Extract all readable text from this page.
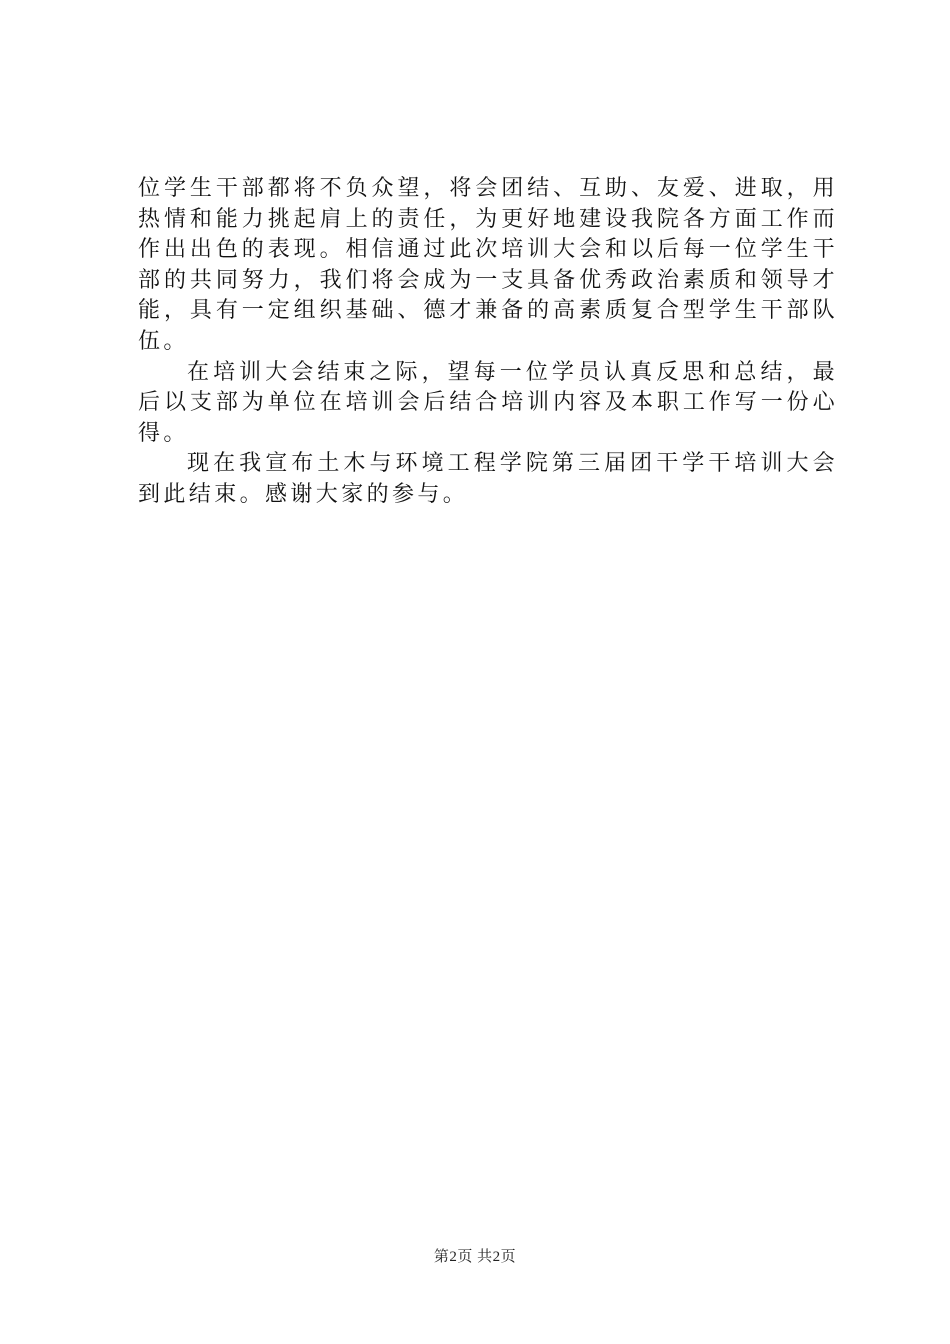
位学生干部都将不负众望，将会团结、互助、友爱、进取，用热情和能力挑起肩上的责任，为更好地建设我院各方面工作而作出出色的表现。相信通过此次培训大会和以后每一位学生干部的共同努力，我们将会成为一支具备优秀政治素质和领导才能，具有一定组织基础、德才兼备的高素质复合型学生干部队伍。

在培训大会结束之际，望每一位学员认真反思和总结，最后以支部为单位在培训会后结合培训内容及本职工作写一份心得。

现在我宣布土木与环境工程学院第三届团干学干培训大会到此结束。感谢大家的参与。

第2页 共2页
